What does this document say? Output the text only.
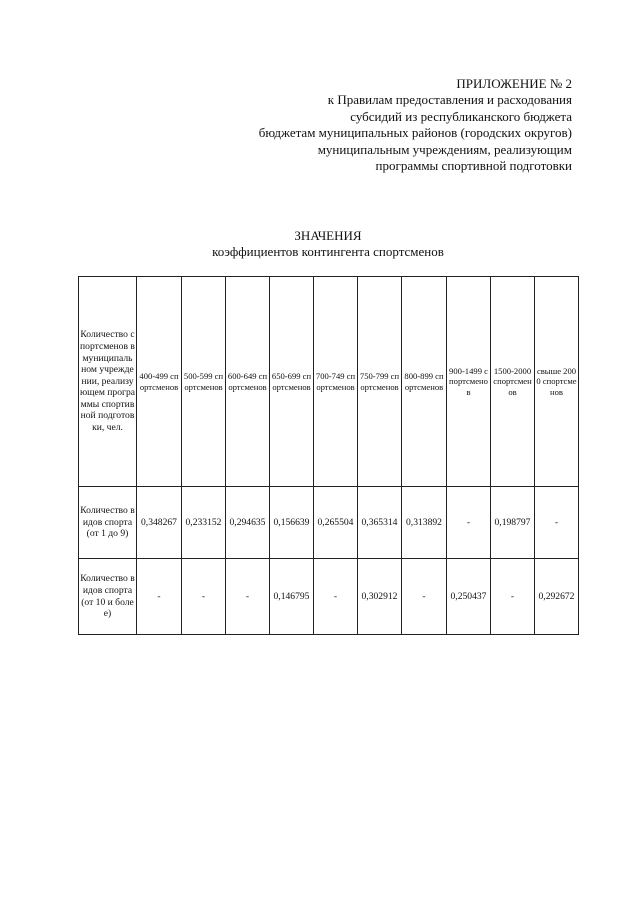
ПРИЛОЖЕНИЕ № 2
к Правилам предоставления и расходования
субсидий из республиканского бюджета
бюджетам муниципальных районов (городских округов)
муниципальным учреждениям, реализующим
программы спортивной подготовки
ЗНАЧЕНИЯ
коэффициентов контингента спортсменов
Количество спортсменов в муниципальном учреждении, реализующем программы спортивной подготовки, чел.	400-499 спортсменов	500-599 спортсменов	600-649 спортсменов	650-699 спортсменов	700-749 спортсменов	750-799 спортсменов	800-899 спортсменов	900-1499 спортсменов	1500-2000 спортсменов	свыше 2000 спортсменов
Количество видов спорта (от 1 до 9)	0,348267	0,233152	0,294635	0,156639	0,265504	0,365314	0,313892	-	0,198797	-
Количество видов спорта (от 10 и более)	-	-	-	0,146795	-	0,302912	-	0,250437	-	0,292672
